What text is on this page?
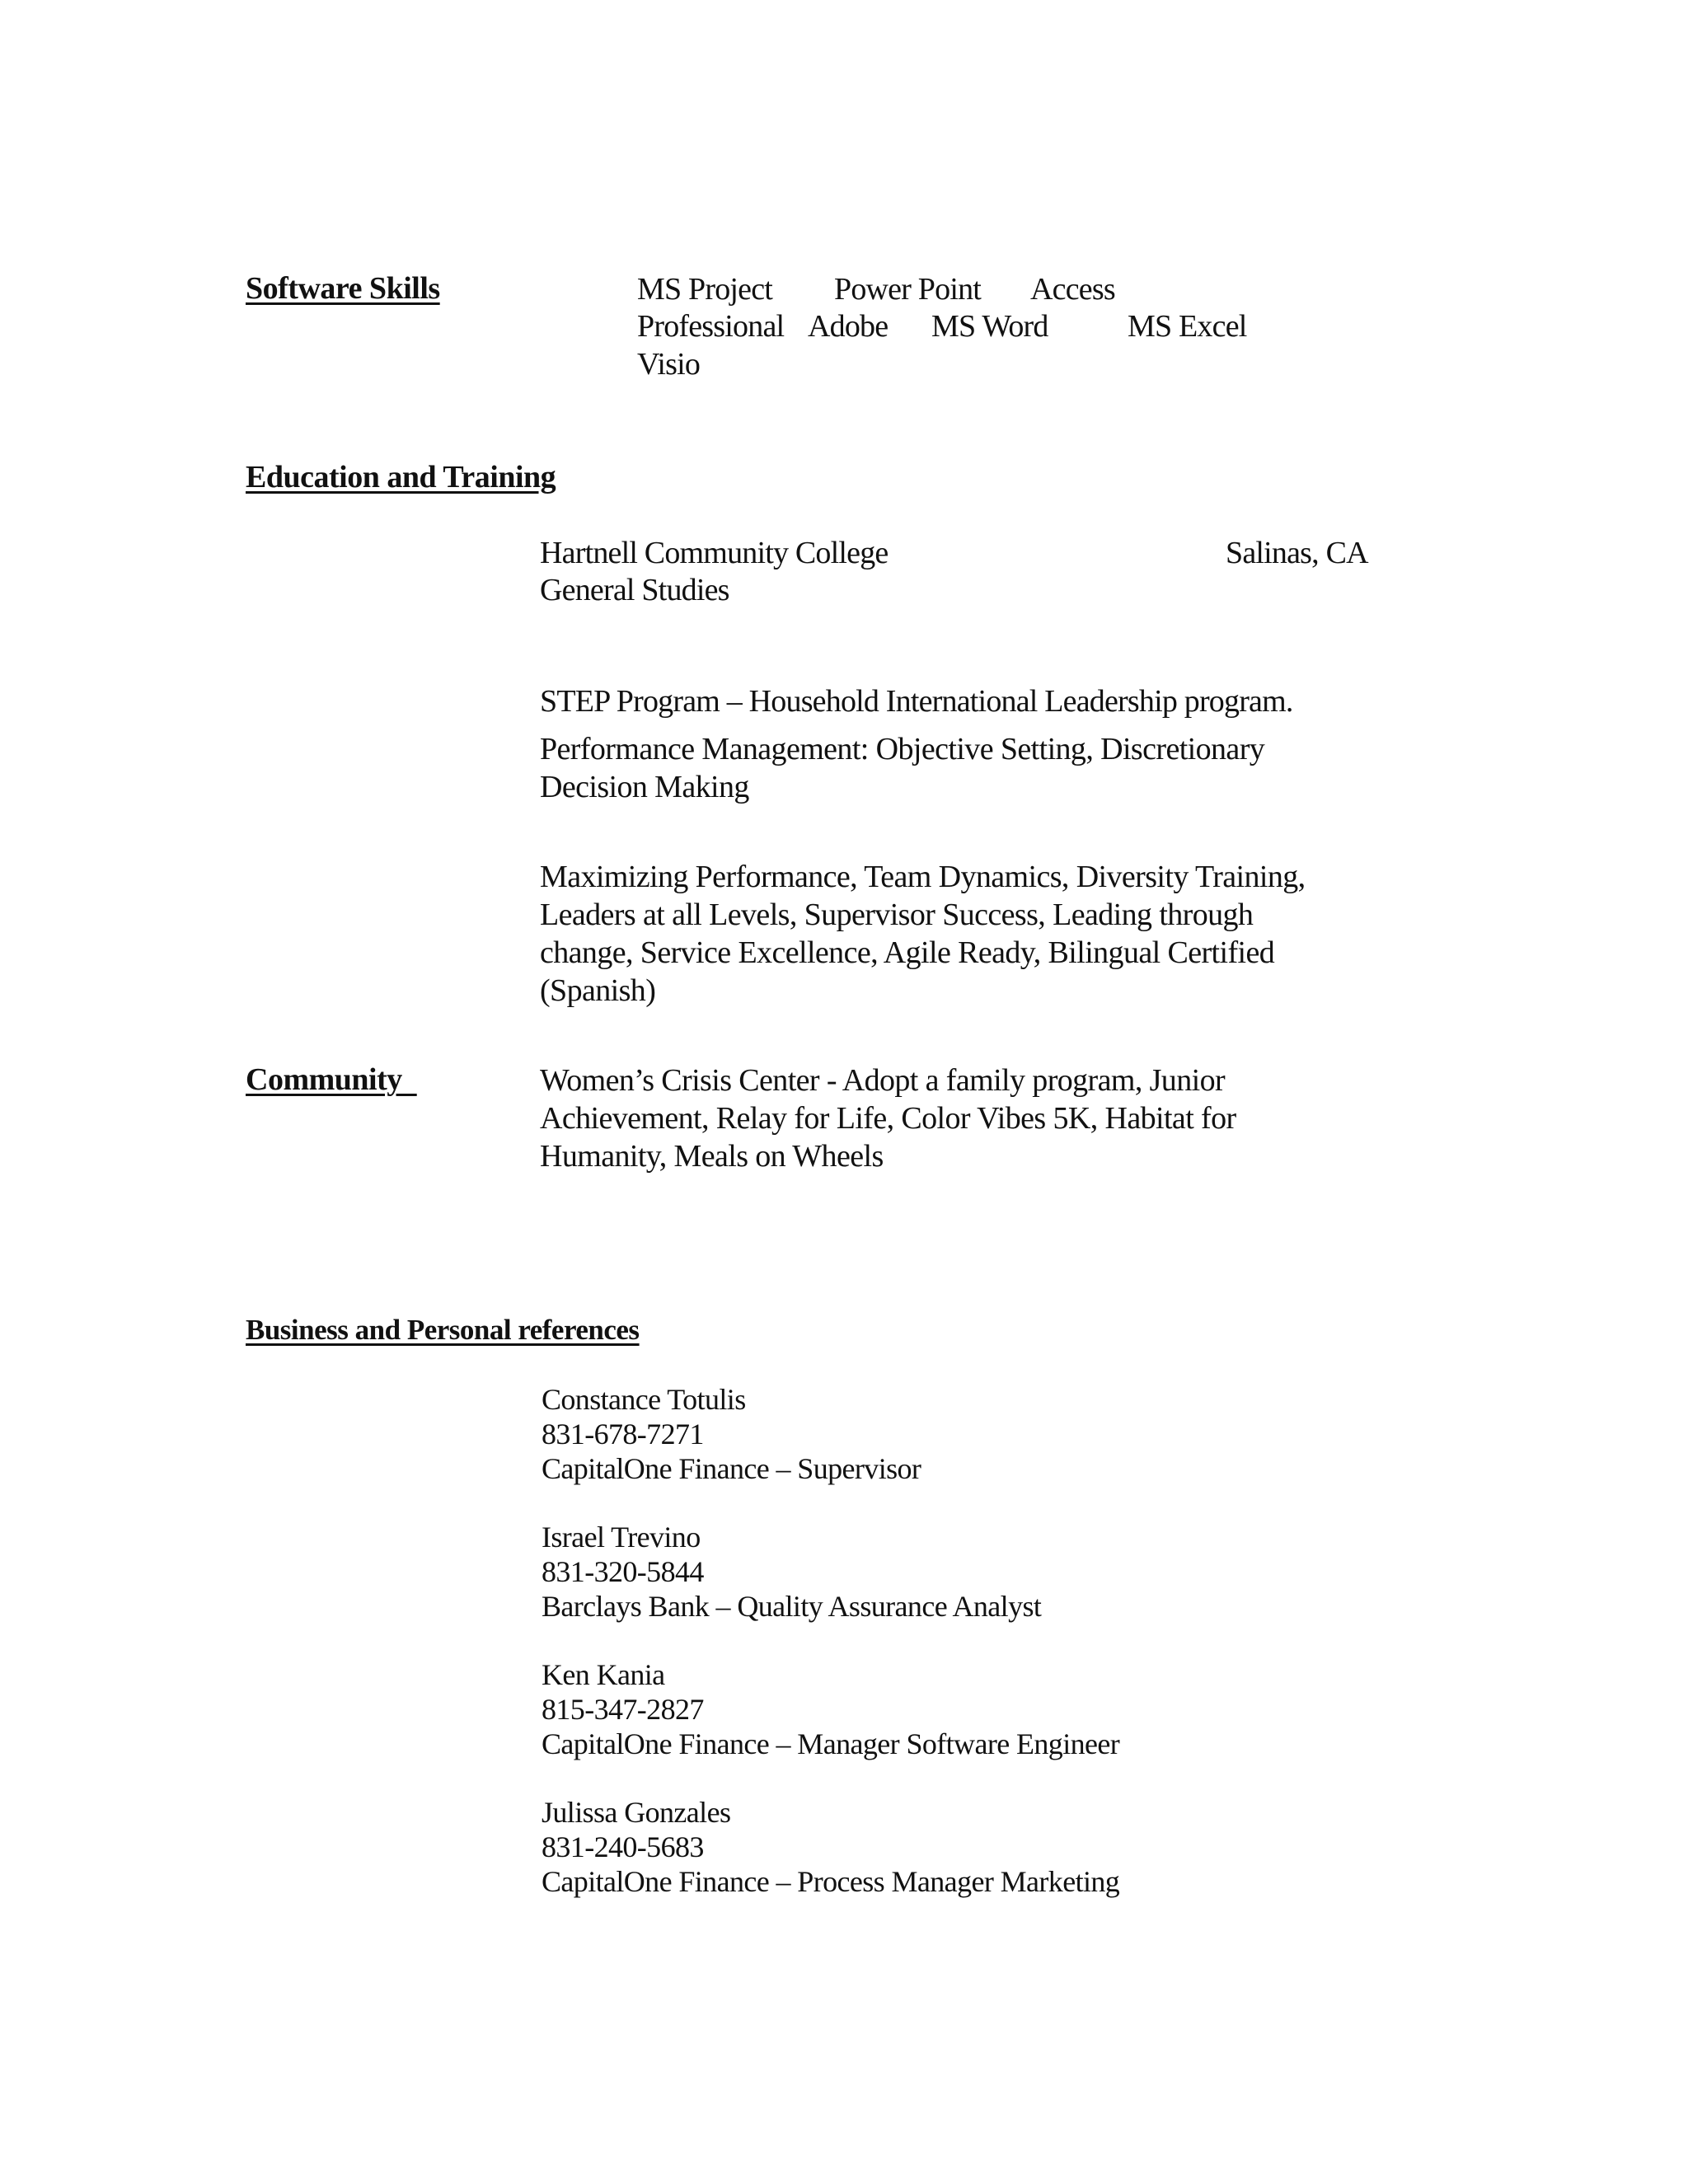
Software Skills	MS Project Power Point Access
Professional Adobe MS Word	MS Excel
Visio
Education and Training
Hartnell Community College	Salinas, CA
General Studies
STEP Program – Household International Leadership program.
Performance Management: Objective Setting, Discretionary
Decision Making
Maximizing Performance, Team Dynamics, Diversity Training,
Leaders at all Levels, Supervisor Success, Leading through
change, Service Excellence, Agile Ready, Bilingual Certified
(Spanish)
Community	Women’s Crisis Center - Adopt a family program, Junior
Achievement, Relay for Life, Color Vibes 5K, Habitat for
Humanity, Meals on Wheels
Business and Personal references
Constance Totulis
831-678-7271
CapitalOne Finance – Supervisor
Israel Trevino
831-320-5844
Barclays Bank – Quality Assurance Analyst
Ken Kania
815-347-2827
CapitalOne Finance – Manager Software Engineer
Julissa Gonzales
831-240-5683
CapitalOne Finance – Process Manager Marketing
